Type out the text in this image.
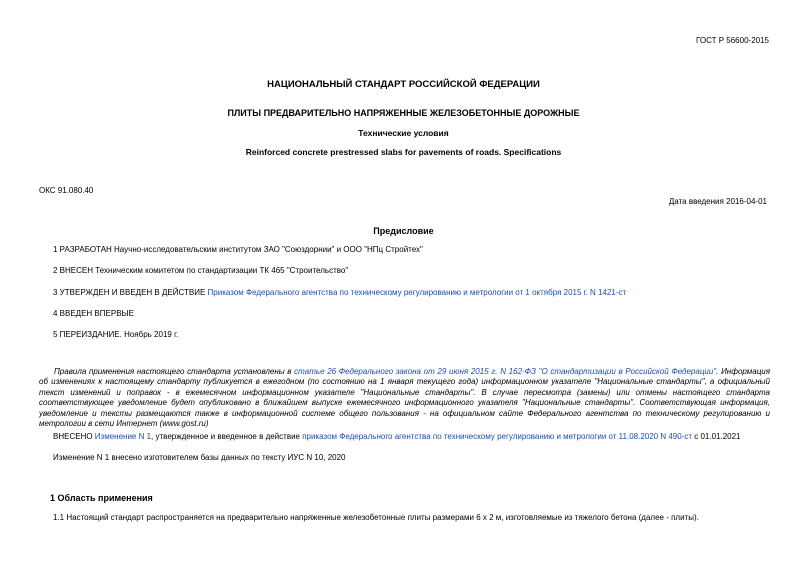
ГОСТ Р 56600-2015
НАЦИОНАЛЬНЫЙ СТАНДАРТ РОССИЙСКОЙ ФЕДЕРАЦИИ
ПЛИТЫ ПРЕДВАРИТЕЛЬНО НАПРЯЖЕННЫЕ ЖЕЛЕЗОБЕТОННЫЕ ДОРОЖНЫЕ
Технические условия
Reinforced concrete prestressed slabs for pavements of roads. Specifications
ОКС 91.080.40
Дата введения 2016-04-01
Предисловие
1 РАЗРАБОТАН Научно-исследовательским институтом ЗАО "Союздорнии" и ООО "НПц Стройтех"
2 ВНЕСЕН Техническим комитетом по стандартизации ТК 465 "Строительство"
3 УТВЕРЖДЕН И ВВЕДЕН В ДЕЙСТВИЕ Приказом Федерального агентства по техническому регулированию и метрологии от 1 октября 2015 г. N 1421-ст
4 ВВЕДЕН ВПЕРВЫЕ
5 ПЕРЕИЗДАНИЕ. Ноябрь 2019 г.
Правила применения настоящего стандарта установлены в статье 26 Федерального закона от 29 июня 2015 г. N 162-ФЗ "О стандартизации в Российской Федерации". Информация об изменениях к настоящему стандарту публикуется в ежегодном (по состоянию на 1 января текущего года) информационном указателе "Национальные стандарты", а официальный текст изменений и поправок - в ежемесячном информационном указателе "Национальные стандарты". В случае пересмотра (замены) или отмены настоящего стандарта соответствующее уведомление будет опубликовано в ближайшем выпуске ежемесячного информационного указателя "Национальные стандарты". Соответствующая информация, уведомление и тексты размещаются также в информационной системе общего пользования - на официальном сайте Федерального агентства по техническому регулированию и метрологии в сети Интернет (www.gost.ru)
ВНЕСЕНО Изменение N 1, утвержденное и введенное в действие приказом Федерального агентства по техническому регулированию и метрологии от 11.08.2020 N 490-ст с 01.01.2021
Изменение N 1 внесено изготовителем базы данных по тексту ИУС N 10, 2020
1 Область применения
1.1 Настоящий стандарт распространяется на предварительно напряженные железобетонные плиты размерами 6 х 2 м, изготовляемые из тяжелого бетона (далее - плиты).
